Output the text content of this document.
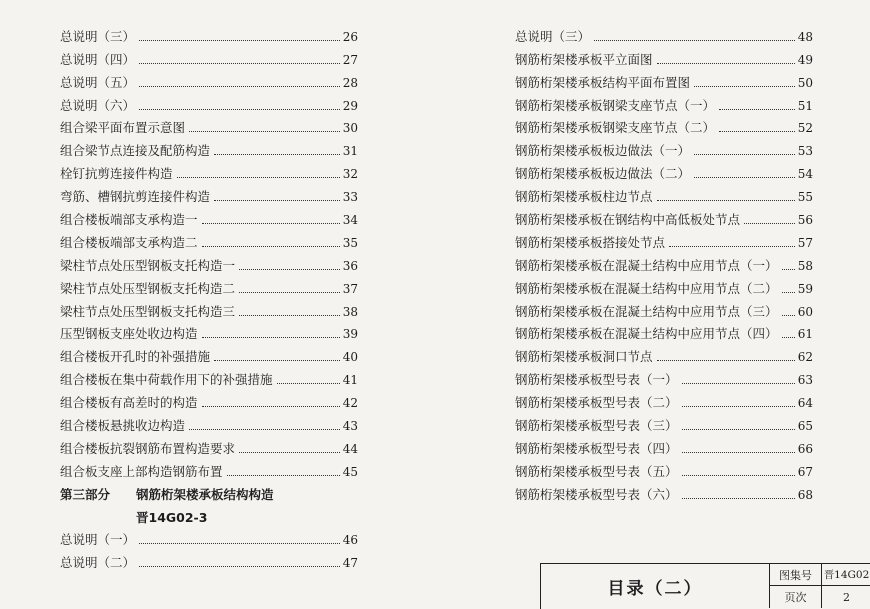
总说明（三）	26
总说明（四）	27
总说明（五）	28
总说明（六）	29
组合梁平面布置示意图	30
组合梁节点连接及配筋构造	31
栓钉抗剪连接件构造	32
弯筋、槽钢抗剪连接件构造	33
组合楼板端部支承构造一	34
组合楼板端部支承构造二	35
梁柱节点处压型钢板支托构造一	36
梁柱节点处压型钢板支托构造二	37
梁柱节点处压型钢板支托构造三	38
压型钢板支座处收边构造	39
组合楼板开孔时的补强措施	40
组合楼板在集中荷载作用下的补强措施	41
组合楼板有高差时的构造	42
组合楼板悬挑收边构造	43
组合楼板抗裂钢筋布置构造要求	44
组合板支座上部构造钢筋布置	45
第三部分	钢筋桁架楼承板结构构造
晋14G02-3
总说明（一）	46
总说明（二）	47
总说明（三）	48
钢筋桁架楼承板平立面图	49
钢筋桁架楼承板结构平面布置图	50
钢筋桁架楼承板钢梁支座节点（一）	51
钢筋桁架楼承板钢梁支座节点（二）	52
钢筋桁架楼承板板边做法（一）	53
钢筋桁架楼承板板边做法（二）	54
钢筋桁架楼承板柱边节点	55
钢筋桁架楼承板在钢结构中高低板处节点	56
钢筋桁架楼承板搭接处节点	57
钢筋桁架楼承板在混凝土结构中应用节点（一） 58
钢筋桁架楼承板在混凝土结构中应用节点（二） 59
钢筋桁架楼承板在混凝土结构中应用节点（三） 60
钢筋桁架楼承板在混凝土结构中应用节点（四） 61
钢筋桁架楼承板洞口节点	62
钢筋桁架楼承板型号表（一）	63
钢筋桁架楼承板型号表（二）	64
钢筋桁架楼承板型号表（三）	65
钢筋桁架楼承板型号表（四）	66
钢筋桁架楼承板型号表（五）	67
钢筋桁架楼承板型号表（六）	68
目录（二）
图集号	晋14G02
页次	2
